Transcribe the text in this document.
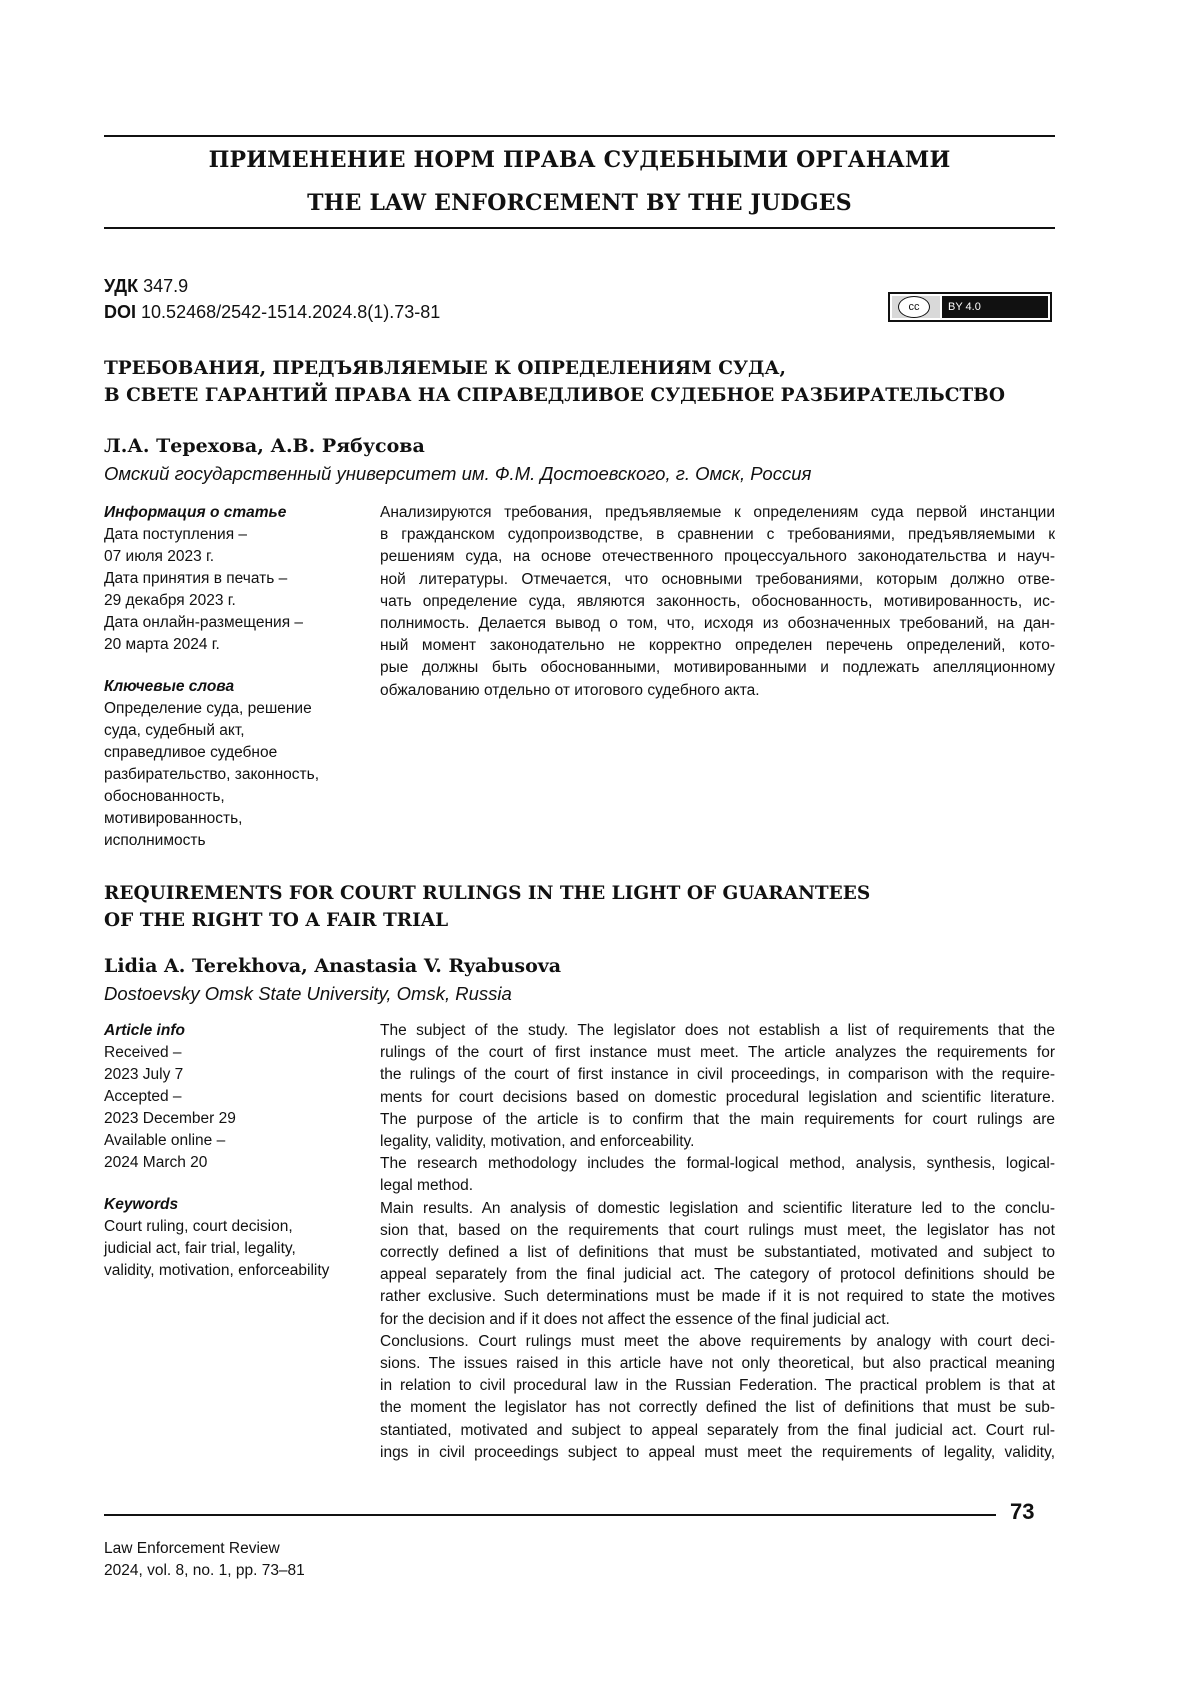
ПРИМЕНЕНИЕ НОРМ ПРАВА СУДЕБНЫМИ ОРГАНАМИ
THE LAW ENFORCEMENT BY THE JUDGES
УДК 347.9
DOI 10.52468/2542-1514.2024.8(1).73-81	cc	BY 4.0
ТРЕБОВАНИЯ, ПРЕДЪЯВЛЯЕМЫЕ К ОПРЕДЕЛЕНИЯМ СУДА,
В СВЕТЕ ГАРАНТИЙ ПРАВА НА СПРАВЕДЛИВОЕ СУДЕБНОЕ РАЗБИРАТЕЛЬСТВО
Л.А. Терехова, А.В. Рябусова
Омский государственный университет им. Ф.М. Достоевского, г. Омск, Россия
Информация о статье
Дата поступления –
07 июля 2023 г.
Дата принятия в печать –
29 декабря 2023 г.
Дата онлайн-размещения –
20 марта 2024 г.
Ключевые слова
Определение суда, решение
суда, судебный акт,
справедливое судебное
разбирательство, законность,
обоснованность,
мотивированность,
исполнимость
Анализируются требования, предъявляемые к определениям суда первой инстанции
в гражданском судопроизводстве, в сравнении с требованиями, предъявляемыми к
решениям суда, на основе отечественного процессуального законодательства и науч-
ной литературы. Отмечается, что основными требованиями, которым должно отве-
чать определение суда, являются законность, обоснованность, мотивированность, ис-
полнимость. Делается вывод о том, что, исходя из обозначенных требований, на дан-
ный момент законодательно не корректно определен перечень определений, кото-
рые должны быть обоснованными, мотивированными и подлежать апелляционному
обжалованию отдельно от итогового судебного акта.
REQUIREMENTS FOR COURT RULINGS IN THE LIGHT OF GUARANTEES
OF THE RIGHT TO A FAIR TRIAL
Lidia A. Terekhova, Anastasia V. Ryabusova
Dostoevsky Omsk State University, Omsk, Russia
Article info
Received –
2023 July 7
Accepted –
2023 December 29
Available online –
2024 March 20
Keywords
Court ruling, court decision,
judicial act, fair trial, legality,
validity, motivation, enforceability
The subject of the study. The legislator does not establish a list of requirements that the
rulings of the court of first instance must meet. The article analyzes the requirements for
the rulings of the court of first instance in civil proceedings, in comparison with the require-
ments for court decisions based on domestic procedural legislation and scientific literature.
The purpose of the article is to confirm that the main requirements for court rulings are
legality, validity, motivation, and enforceability.
The research methodology includes the formal-logical method, analysis, synthesis, logical-
legal method.
Main results. An analysis of domestic legislation and scientific literature led to the conclu-
sion that, based on the requirements that court rulings must meet, the legislator has not
correctly defined a list of definitions that must be substantiated, motivated and subject to
appeal separately from the final judicial act. The category of protocol definitions should be
rather exclusive. Such determinations must be made if it is not required to state the motives
for the decision and if it does not affect the essence of the final judicial act.
Conclusions. Court rulings must meet the above requirements by analogy with court deci-
sions. The issues raised in this article have not only theoretical, but also practical meaning
in relation to civil procedural law in the Russian Federation. The practical problem is that at
the moment the legislator has not correctly defined the list of definitions that must be sub-
stantiated, motivated and subject to appeal separately from the final judicial act. Court rul-
ings in civil proceedings subject to appeal must meet the requirements of legality, validity,
73
Law Enforcement Review
2024, vol. 8, no. 1, pp. 73–81
